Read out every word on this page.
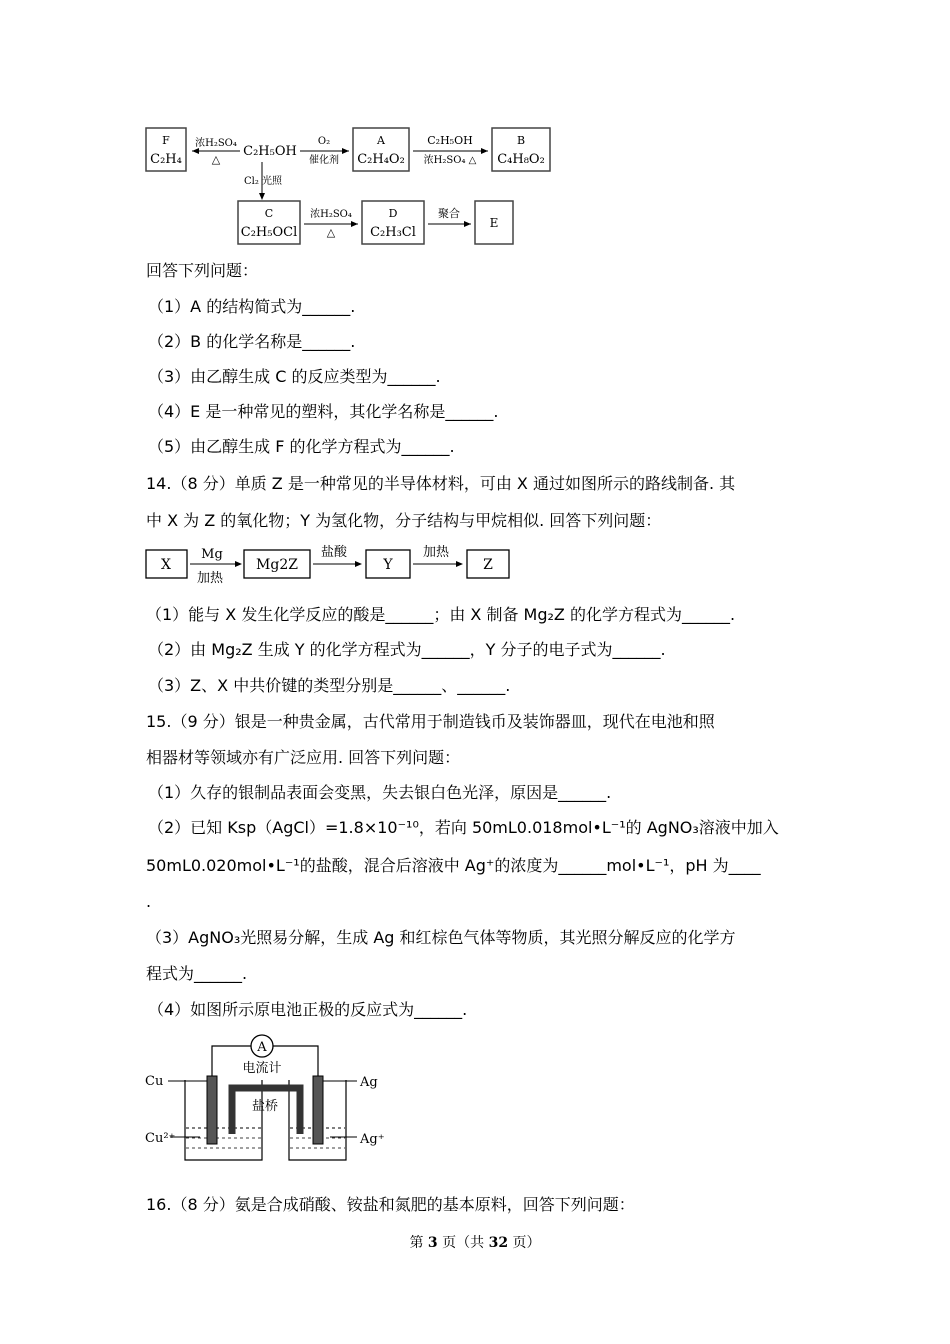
F
C₂H₄
浓H₂SO₄
△
C₂H₅OH
O₂
催化剂
A
C₂H₄O₂
C₂H₅OH
浓H₂SO₄ △
B
C₄H₈O₂
Cl₂ 光照
C
C₂H₅OCl
浓H₂SO₄
△
D
C₂H₃Cl
聚合
E
回答下列问题：
（1）A 的结构简式为______.
（2）B 的化学名称是______.
（3）由乙醇生成 C 的反应类型为______.
（4）E 是一种常见的塑料，其化学名称是______.
（5）由乙醇生成 F 的化学方程式为______.
14.（8 分）单质 Z 是一种常见的半导体材料，可由 X 通过如图所示的路线制备. 其
中 X 为 Z 的氧化物；Y 为氢化物，分子结构与甲烷相似. 回答下列问题：
X
Mg
加热
Mg2Z
盐酸
Y
加热
Z
（1）能与 X 发生化学反应的酸是______；由 X 制备 Mg₂Z 的化学方程式为______.
（2）由 Mg₂Z 生成 Y 的化学方程式为______，Y 分子的电子式为______.
（3）Z、X 中共价键的类型分别是______、______.
15.（9 分）银是一种贵金属，古代常用于制造钱币及装饰器皿，现代在电池和照
相器材等领域亦有广泛应用. 回答下列问题：
（1）久存的银制品表面会变黑，失去银白色光泽，原因是______.
（2）已知 Ksp（AgCl）=1.8×10⁻¹⁰，若向 50mL0.018mol•L⁻¹的 AgNO₃溶液中加入
50mL0.020mol•L⁻¹的盐酸，混合后溶液中 Ag⁺的浓度为______mol•L⁻¹，pH 为____
.
（3）AgNO₃光照易分解，生成 Ag 和红棕色气体等物质，其光照分解反应的化学方
程式为______.
（4）如图所示原电池正极的反应式为______.
A
电流计
盐桥
Cu
Cu²⁺
Ag
Ag⁺
16.（8 分）氨是合成硝酸、铵盐和氮肥的基本原料，回答下列问题：
第 3 页（共 32 页）
